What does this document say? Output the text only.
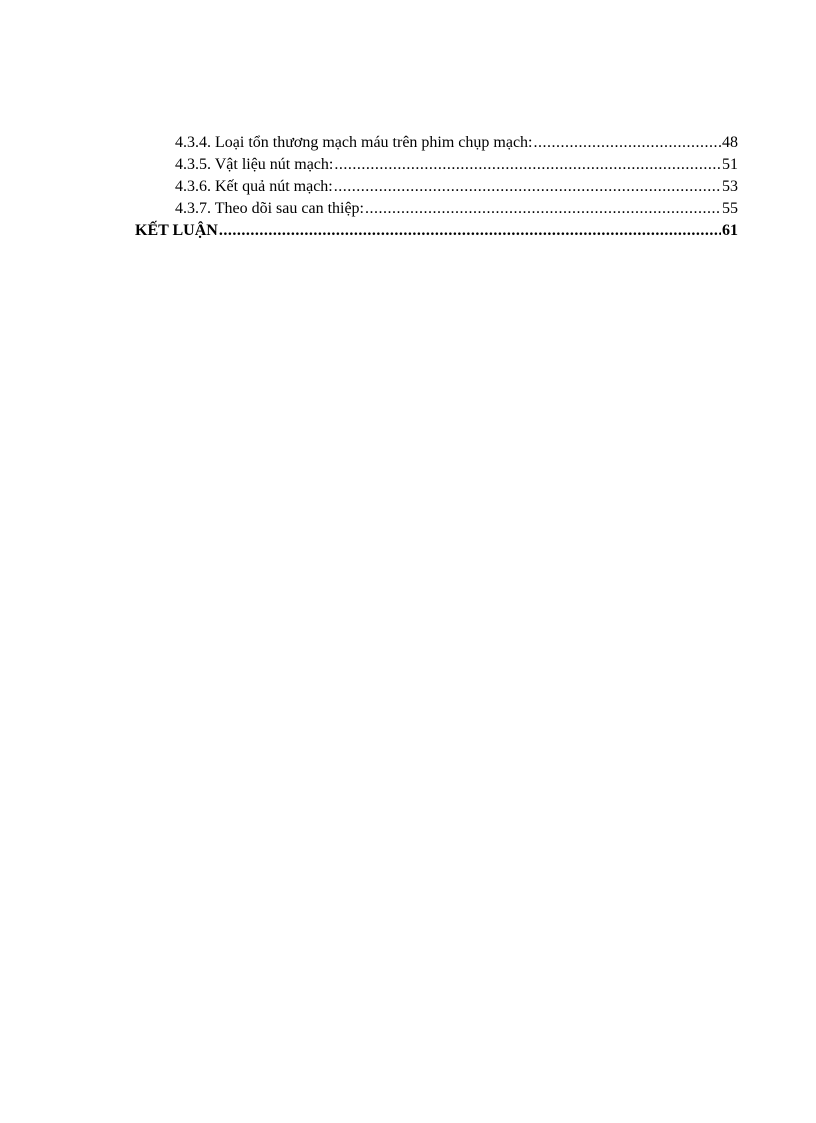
4.3.4. Loại tổn thương mạch máu trên phim chụp mạch: .....	48
4.3.5. Vật liệu nút mạch: .....	51
4.3.6. Kết quả nút mạch: .....	53
4.3.7. Theo dõi sau can thiệp: .....	55
KẾT LUẬN .....	61
